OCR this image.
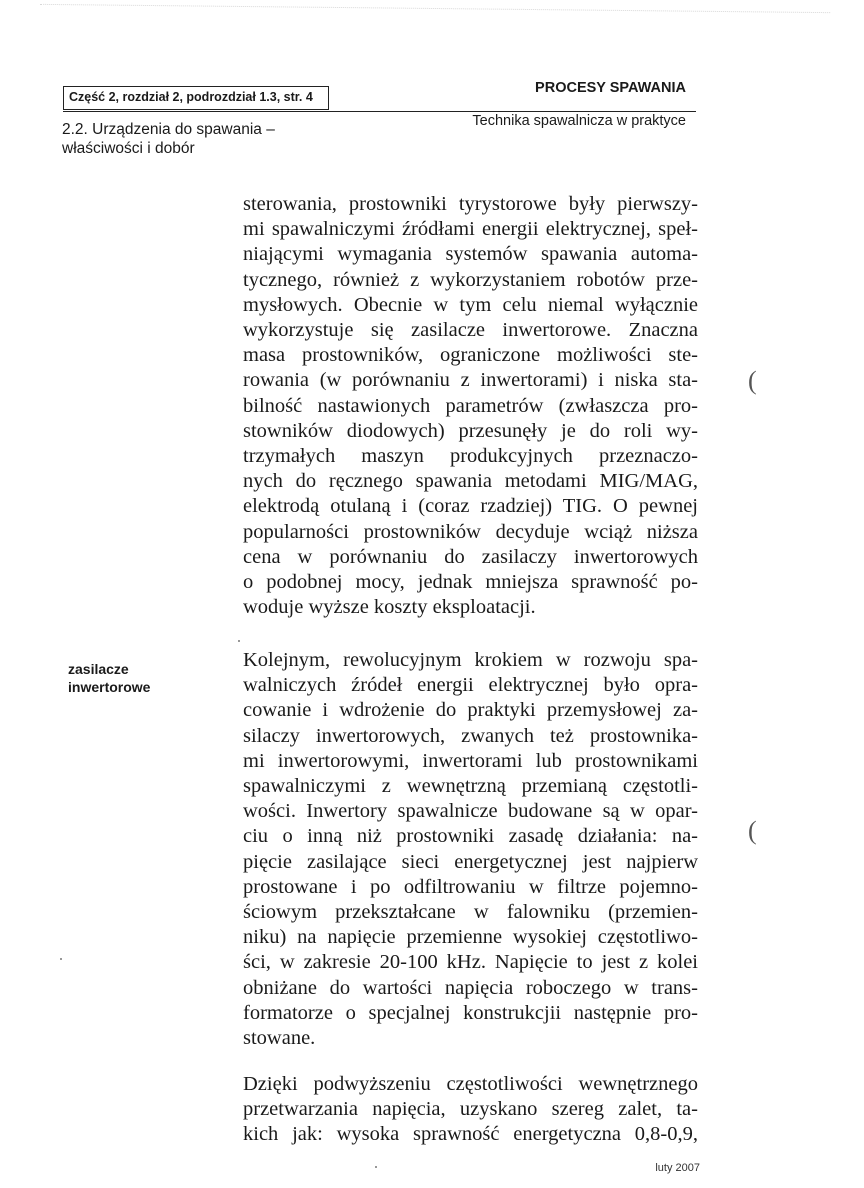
Część 2, rozdział 2, podrozdział 1.3, str. 4
PROCESY SPAWANIA
2.2. Urządzenia do spawania –
właściwości i dobór
Technika spawalnicza w praktyce
sterowania, prostowniki tyrystorowe były pierwszy-
mi spawalniczymi źródłami energii elektrycznej, speł-
niającymi wymagania systemów spawania automa-
tycznego, również z wykorzystaniem robotów prze-
mysłowych. Obecnie w tym celu niemal wyłącznie
wykorzystuje się zasilacze inwertorowe. Znaczna
masa prostowników, ograniczone możliwości ste-
rowania (w porównaniu z inwertorami) i niska sta-
bilność nastawionych parametrów (zwłaszcza pro-
stowników diodowych) przesunęły je do roli wy-
trzymałych maszyn produkcyjnych przeznaczo-
nych do ręcznego spawania metodami MIG/MAG,
elektrodą otulaną i (coraz rzadziej) TIG. O pewnej
popularności prostowników decyduje wciąż niższa
cena w porównaniu do zasilaczy inwertorowych
o podobnej mocy, jednak mniejsza sprawność po-
woduje wyższe koszty eksploatacji.
zasilacze
inwertorowe
Kolejnym, rewolucyjnym krokiem w rozwoju spa-
walniczych źródeł energii elektrycznej było opra-
cowanie i wdrożenie do praktyki przemysłowej za-
silaczy inwertorowych, zwanych też prostownika-
mi inwertorowymi, inwertorami lub prostownikami
spawalniczymi z wewnętrzną przemianą częstotli-
wości. Inwertory spawalnicze budowane są w opar-
ciu o inną niż prostowniki zasadę działania: na-
pięcie zasilające sieci energetycznej jest najpierw
prostowane i po odfiltrowaniu w filtrze pojemno-
ściowym przekształcane w falowniku (przemien-
niku) na napięcie przemienne wysokiej częstotliwo-
ści, w zakresie 20-100 kHz. Napięcie to jest z kolei
obniżane do wartości napięcia roboczego w trans-
formatorze o specjalnej konstrukcjii następnie pro-
stowane.
Dzięki podwyższeniu częstotliwości wewnętrznego
przetwarzania napięcia, uzyskano szereg zalet, ta-
kich jak: wysoka sprawność energetyczna 0,8-0,9,
(
(
luty 2007
